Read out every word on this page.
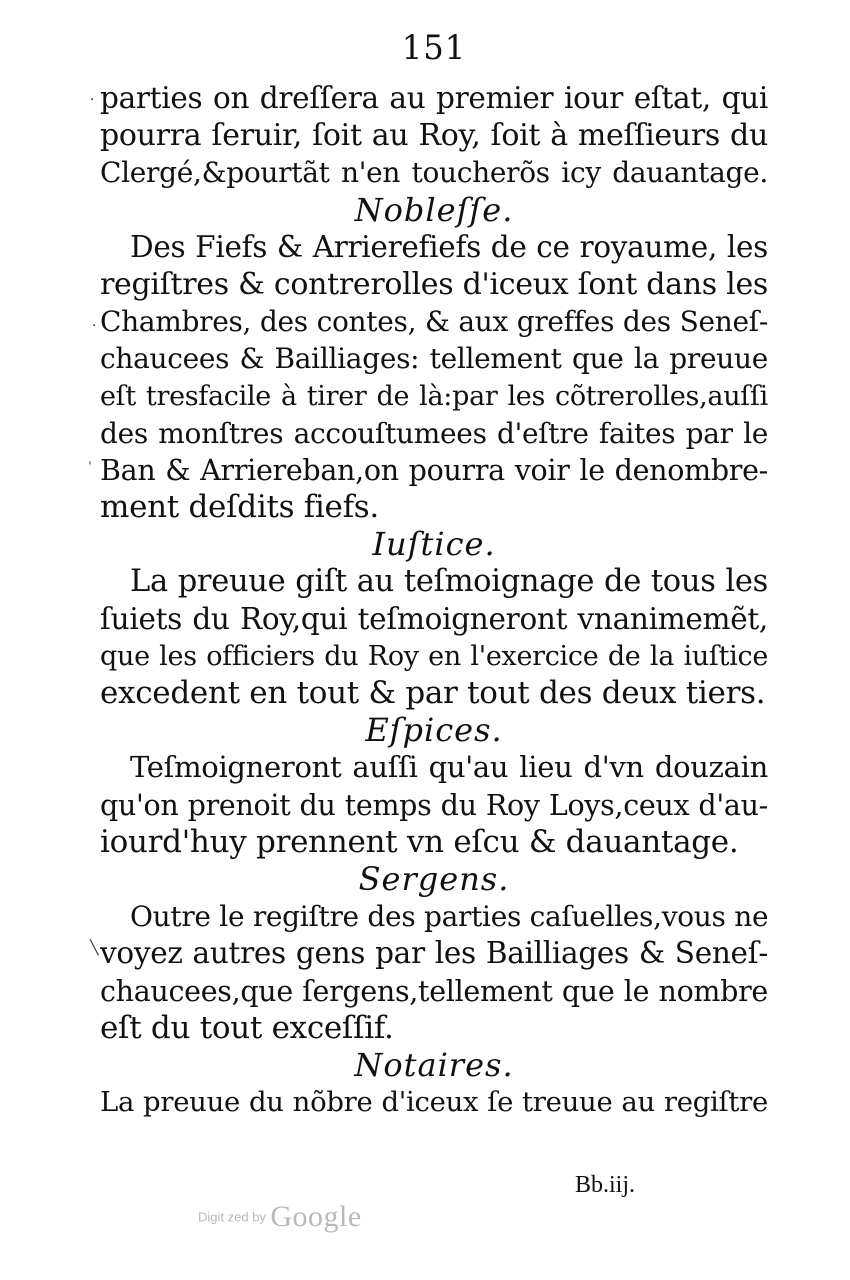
151
parties on dreſſera au premier iour eſtat, qui
pourra ſeruir, ſoit au Roy, ſoit à meſſieurs du
Clergé,&pourtãt n'en toucherõs icy dauantage.
Nobleſſe.
Des Fiefs & Arrierefiefs de ce royaume, les
regiſtres & contrerolles d'iceux ſont dans les
Chambres, des contes, & aux greffes des Seneſ-
chaucees & Bailliages: tellement que la preuue
eſt tresfacile à tirer de là:par les cõtrerolles,auſſi
des monſtres accouſtumees d'eſtre faites par le
Ban & Arriereban,on pourra voir le denombre-
ment deſdits fiefs.
Iuſtice.
La preuue giſt au teſmoignage de tous les
ſuiets du Roy,qui teſmoigneront vnanimemẽt,
que les officiers du Roy en l'exercice de la iuſtice
excedent en tout & par tout des deux tiers.
Eſpices.
Teſmoigneront auſſi qu'au lieu d'vn douzain
qu'on prenoit du temps du Roy Loys,ceux d'au-
iourd'huy prennent vn eſcu & dauantage.
Sergens.
Outre le regiſtre des parties caſuelles,vous ne
voyez autres gens par les Bailliages & Seneſ-
chaucees,que ſergens,tellement que le nombre
eſt du tout exceſſif.
Notaires.
La preuue du nõbre d'iceux ſe treuue au regiſtre
Bb.iij.
Digit zed by Google
·
·
ˈ
╲
